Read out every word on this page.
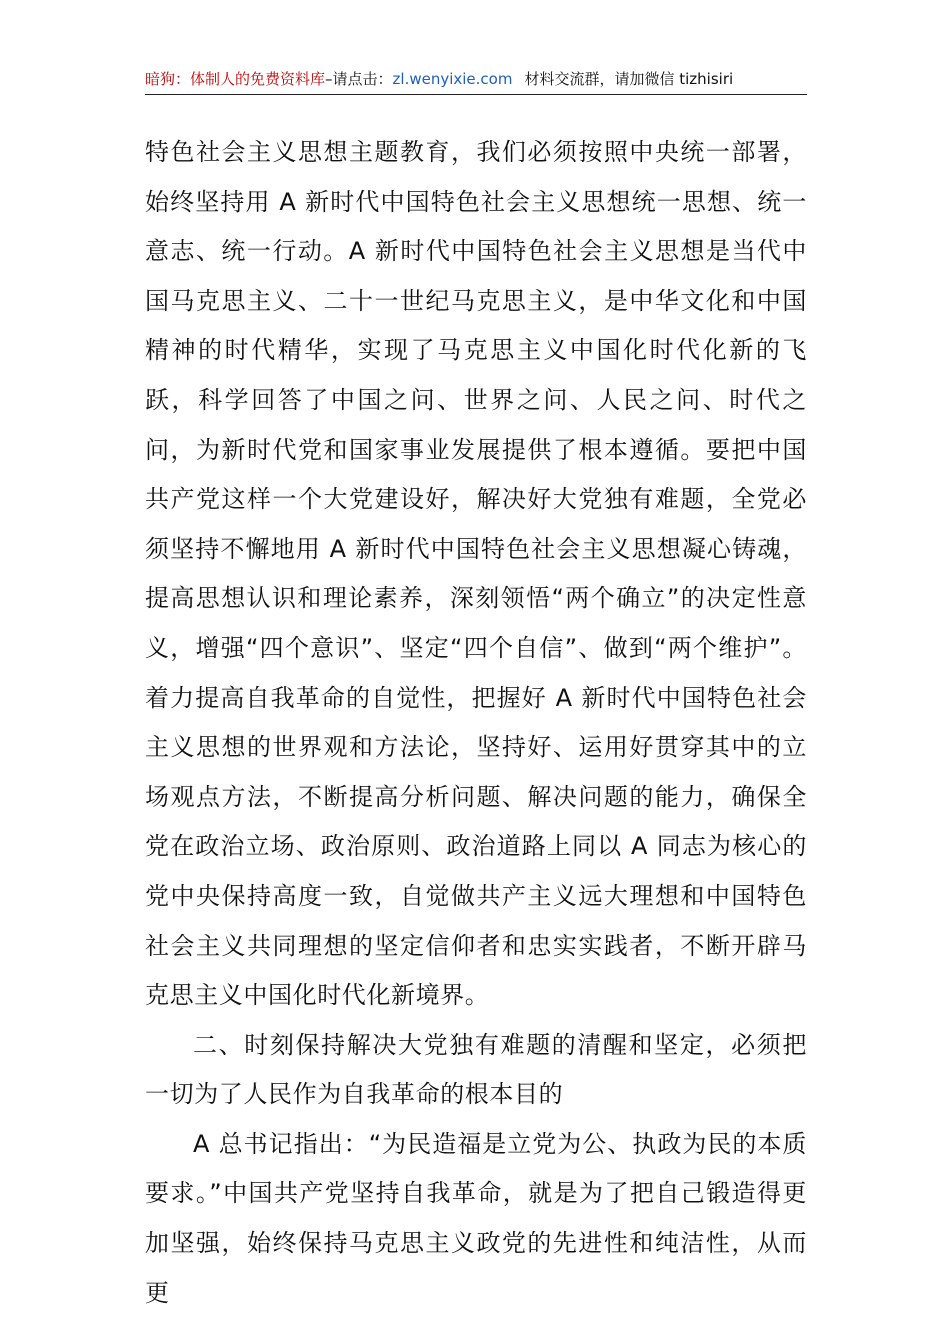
暗狗：体制人的免费资料库–请点击：zl.wenyixie.com 材料交流群，请加微信 tizhisiri

特色社会主义思想主题教育，我们必须按照中央统一部署，始终坚持用 A 新时代中国特色社会主义思想统一思想、统一意志、统一行动。A 新时代中国特色社会主义思想是当代中国马克思主义、二十一世纪马克思主义，是中华文化和中国精神的时代精华，实现了马克思主义中国化时代化新的飞跃，科学回答了中国之问、世界之问、人民之问、时代之问，为新时代党和国家事业发展提供了根本遵循。要把中国共产党这样一个大党建设好，解决好大党独有难题，全党必须坚持不懈地用 A 新时代中国特色社会主义思想凝心铸魂，提高思想认识和理论素养，深刻领悟“两个确立”的决定性意义，增强“四个意识”、坚定“四个自信”、做到“两个维护”。着力提高自我革命的自觉性，把握好 A 新时代中国特色社会主义思想的世界观和方法论，坚持好、运用好贯穿其中的立场观点方法，不断提高分析问题、解决问题的能力，确保全党在政治立场、政治原则、政治道路上同以 A 同志为核心的党中央保持高度一致，自觉做共产主义远大理想和中国特色社会主义共同理想的坚定信仰者和忠实实践者，不断开辟马克思主义中国化时代化新境界。

二、时刻保持解决大党独有难题的清醒和坚定，必须把一切为了人民作为自我革命的根本目的

A 总书记指出：“为民造福是立党为公、执政为民的本质要求。”中国共产党坚持自我革命，就是为了把自己锻造得更加坚强，始终保持马克思主义政党的先进性和纯洁性，从而更
